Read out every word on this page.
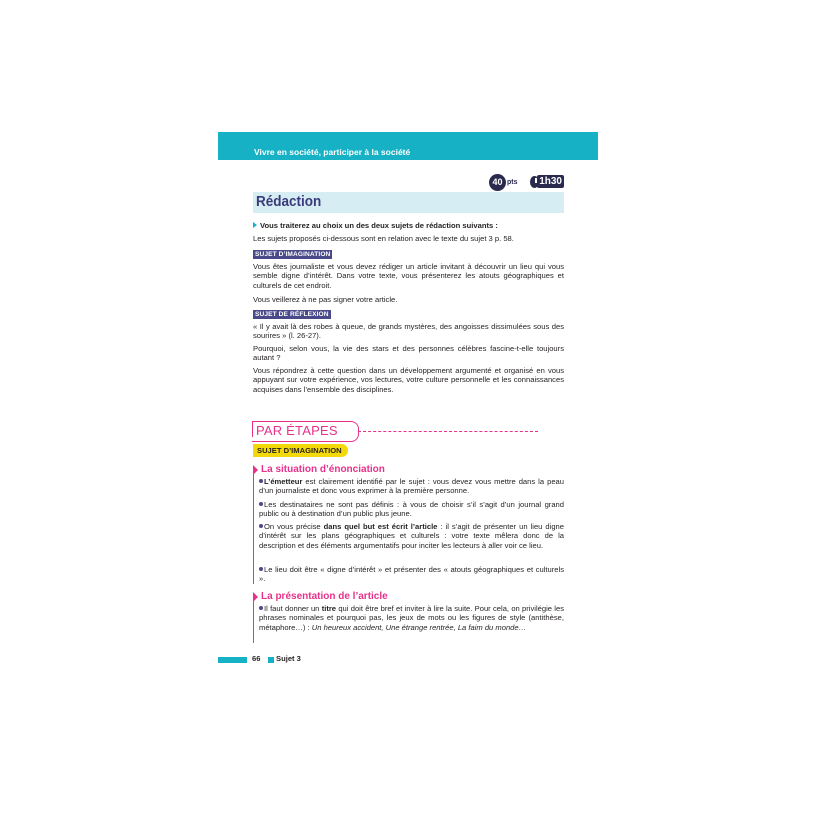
Vivre en société, participer à la société
40 pts 1h30
Rédaction
Vous traiterez au choix un des deux sujets de rédaction suivants :
Les sujets proposés ci-dessous sont en relation avec le texte du sujet 3 p. 58.
SUJET D’IMAGINATION
Vous êtes journaliste et vous devez rédiger un article invitant à découvrir un lieu qui vous semble digne d’intérêt. Dans votre texte, vous présenterez les atouts géographiques et culturels de cet endroit.
Vous veillerez à ne pas signer votre article.
SUJET DE RÉFLEXION
« Il y avait là des robes à queue, de grands mystères, des angoisses dissimulées sous des sourires » (l. 26-27).
Pourquoi, selon vous, la vie des stars et des personnes célèbres fascine-t-elle toujours autant ?
Vous répondrez à cette question dans un développement argumenté et organisé en vous appuyant sur votre expérience, vos lectures, votre culture personnelle et les connaissances acquises dans l’ensemble des disciplines.
PAR ÉTAPES
SUJET D’IMAGINATION
La situation d’énonciation
L’émetteur est clairement identifié par le sujet : vous devez vous mettre dans la peau d’un journaliste et donc vous exprimer à la première personne.
Les destinataires ne sont pas définis : à vous de choisir s’il s’agit d’un journal grand public ou à destination d’un public plus jeune.
On vous précise dans quel but est écrit l’article : il s’agit de présenter un lieu digne d’intérêt sur les plans géographiques et culturels : votre texte mêlera donc de la description et des éléments argumentatifs pour inciter les lecteurs à aller voir ce lieu.
Le lieu doit être « digne d’intérêt » et présenter des « atouts géographiques et culturels ».
La présentation de l’article
Il faut donner un titre qui doit être bref et inviter à lire la suite. Pour cela, on privilégie les phrases nominales et pourquoi pas, les jeux de mots ou les figures de style (antithèse, métaphore…) : Un heureux accident, Une étrange rentrée, La faim du monde…
66 Sujet 3
